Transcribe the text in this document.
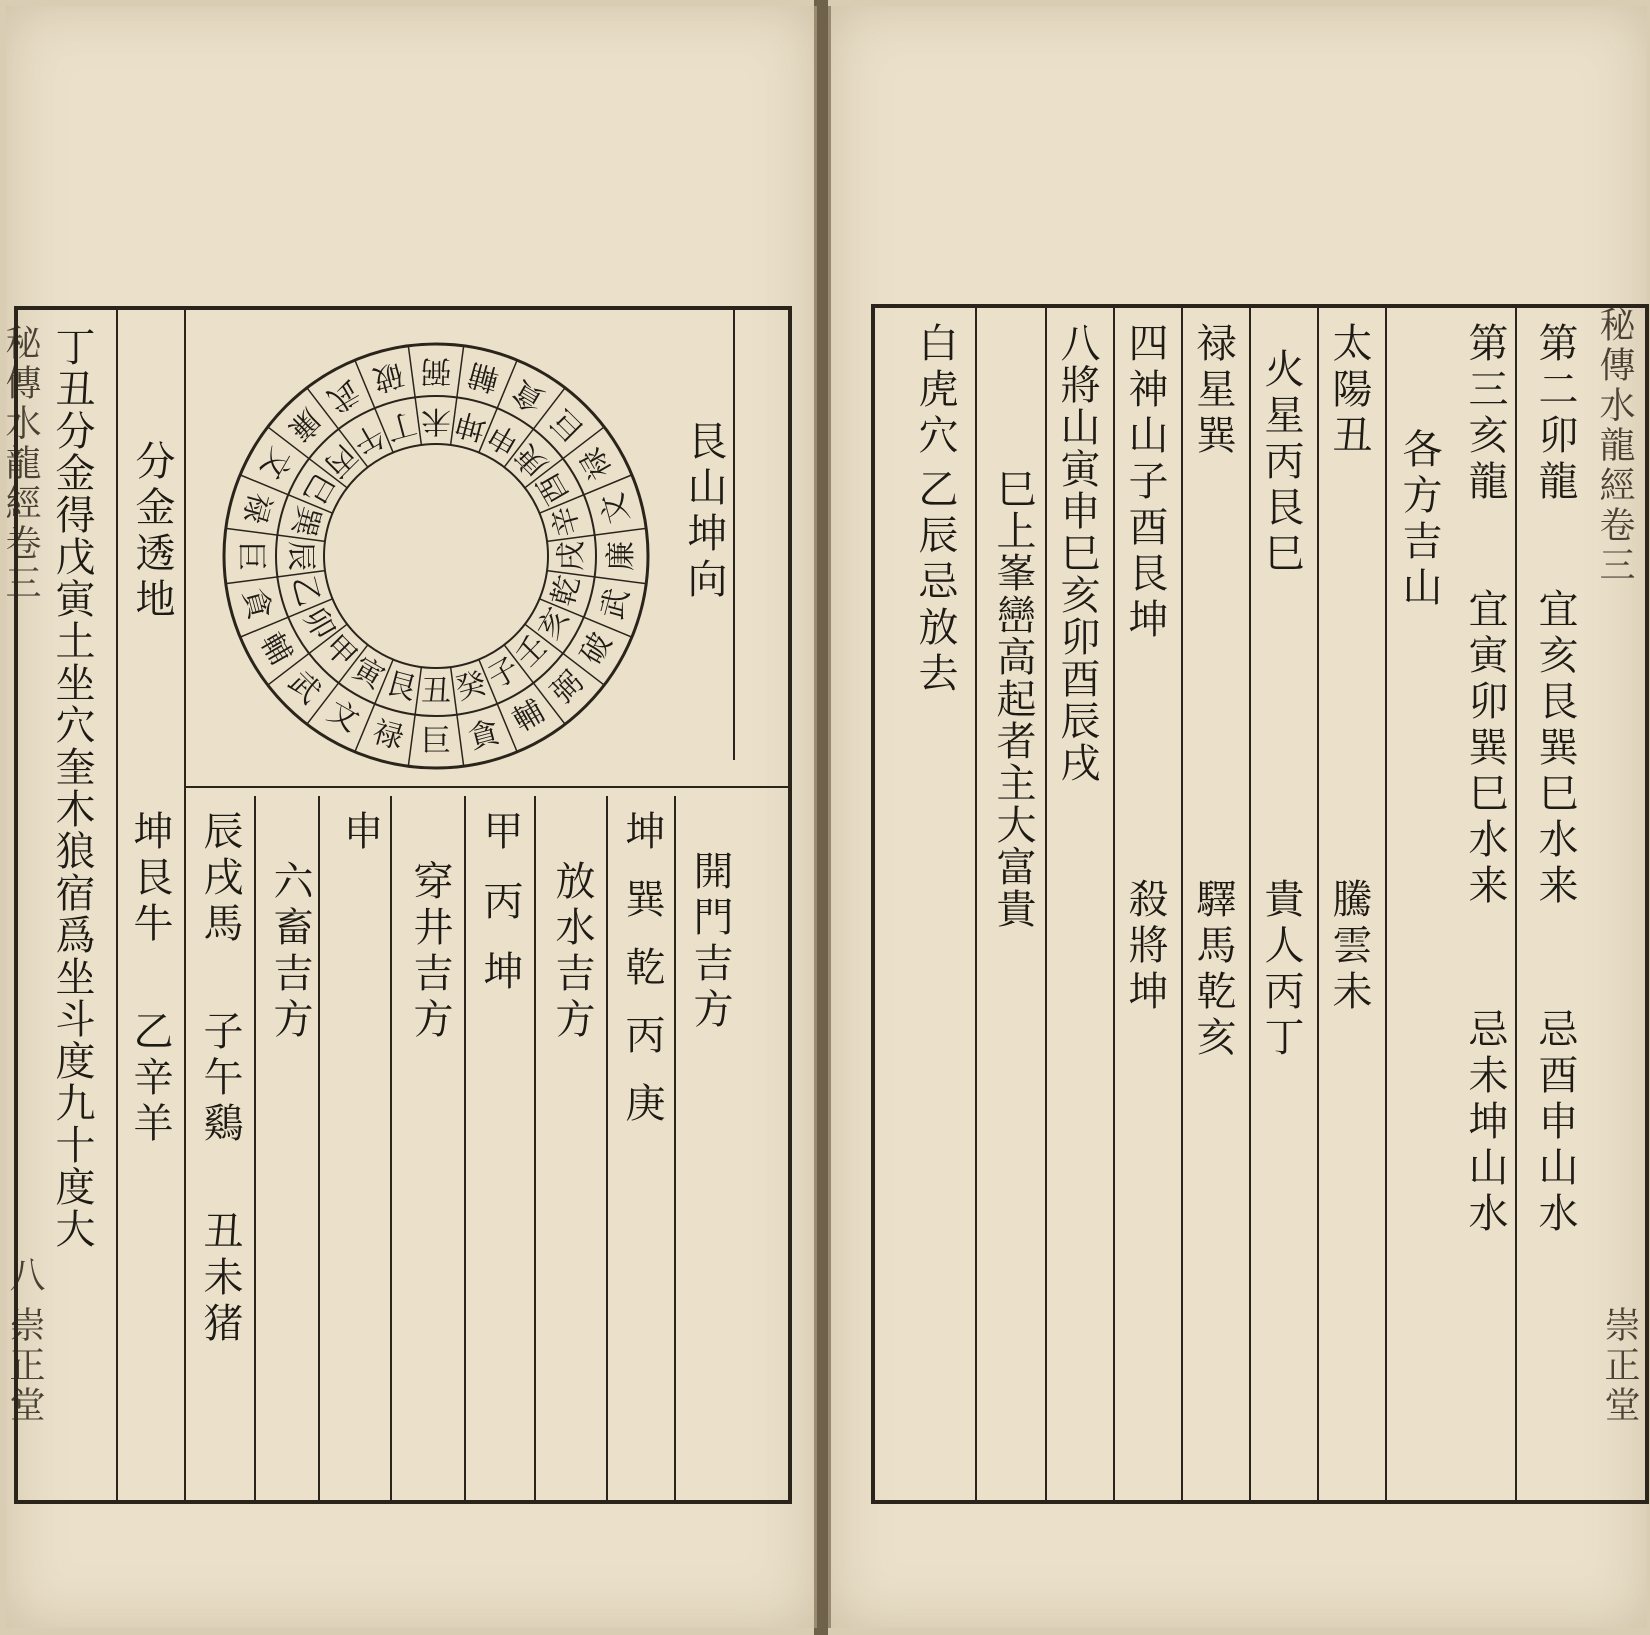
秘傳水龍經卷三
八
崇正堂
丁丑分金得戊寅土坐穴奎木狼宿爲坐斗度九十度大 分金透地	艮山坤向
開門吉方
坤巽乾丙庚
放水吉方
甲丙坤
穿井吉方
申
六畜吉方
辰戌馬
子午鷄
丑未猪
坤艮牛
乙辛羊
寅
文
艮
禄
丑
巨
癸
貪
子
輔
壬
弼
亥
破
乾 武
戌 廉
辛 文
酉
禄
庚
巨
申
貪
坤
輔
未
弼
丁
破
午
武
丙
廉
巳
文
巽
禄
辰
巨
乙
貪 卯
輔 甲
武
秘傳水龍經卷三
崇正堂
第二卯龍
宜亥艮巽巳水来
忌酉申山水
第三亥龍
宜寅卯巽巳水来
忌未坤山水
各方吉山
太陽丑
騰雲未
火星丙艮巳
貴人丙丁
禄星巽
驛馬乾亥
四神山子酉艮坤
殺將坤
八將山寅申巳亥卯酉辰戌
巳上峯巒高起者主大富貴
白虎穴
乙辰忌放去
